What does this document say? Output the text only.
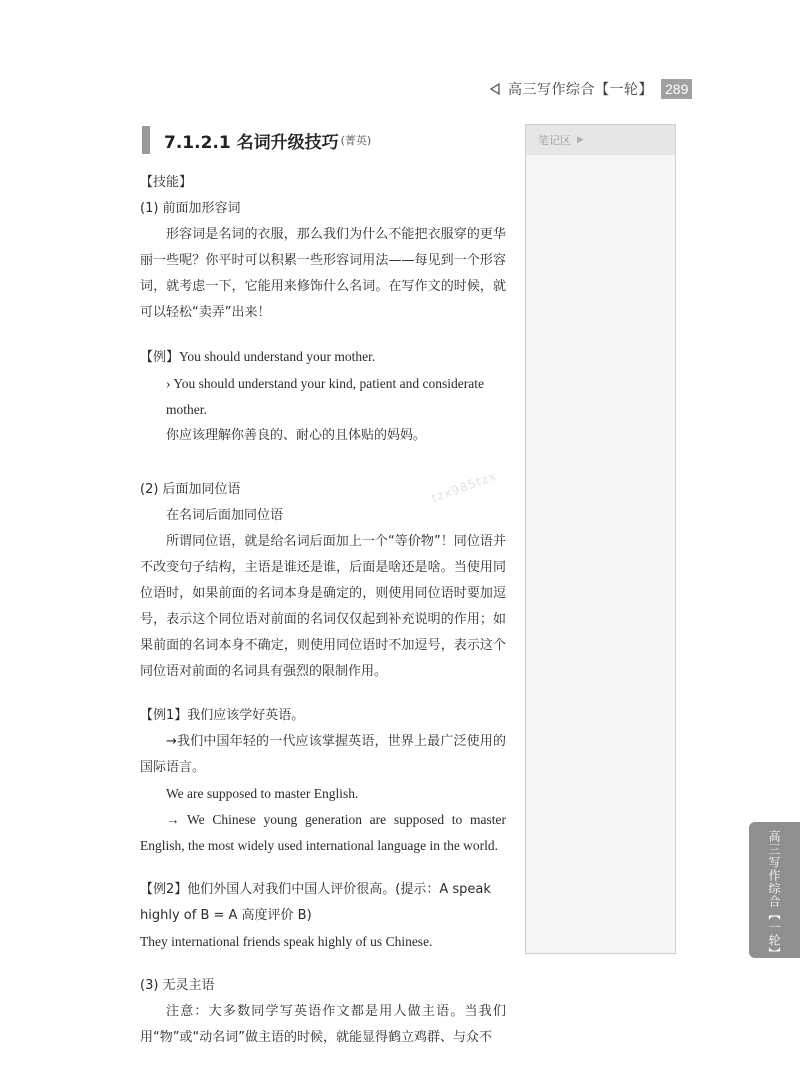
高三写作综合【一轮】 289
7.1.2.1 名词升级技巧 (菁英)	笔记区 ▶
高三写作综合【一轮】
tzx985tzx

【技能】

(1) 前面加形容词

形容词是名词的衣服，那么我们为什么不能把衣服穿的更华丽一些呢？你平时可以积累一些形容词用法——每见到一个形容词，就考虑一下，它能用来修饰什么名词。在写作文的时候，就可以轻松“卖弄”出来！

【例】You should understand your mother.

› You should understand your kind, patient and considerate mother.

你应该理解你善良的、耐心的且体贴的妈妈。

(2) 后面加同位语

在名词后面加同位语

所谓同位语，就是给名词后面加上一个“等价物”！同位语并不改变句子结构，主语是谁还是谁，后面是啥还是啥。当使用同位语时，如果前面的名词本身是确定的，则使用同位语时要加逗号，表示这个同位语对前面的名词仅仅起到补充说明的作用；如果前面的名词本身不确定，则使用同位语时不加逗号，表示这个同位语对前面的名词具有强烈的限制作用。

【例1】我们应该学好英语。

→我们中国年轻的一代应该掌握英语，世界上最广泛使用的国际语言。

We are supposed to master English.

→ We Chinese young generation are supposed to master English, the most widely used international language in the world.

【例2】他们外国人对我们中国人评价很高。(提示：A speak highly of B = A 高度评价 B)

They international friends speak highly of us Chinese.

(3) 无灵主语

注意：大多数同学写英语作文都是用人做主语。当我们用“物”或“动名词”做主语的时候，就能显得鹤立鸡群、与众不
